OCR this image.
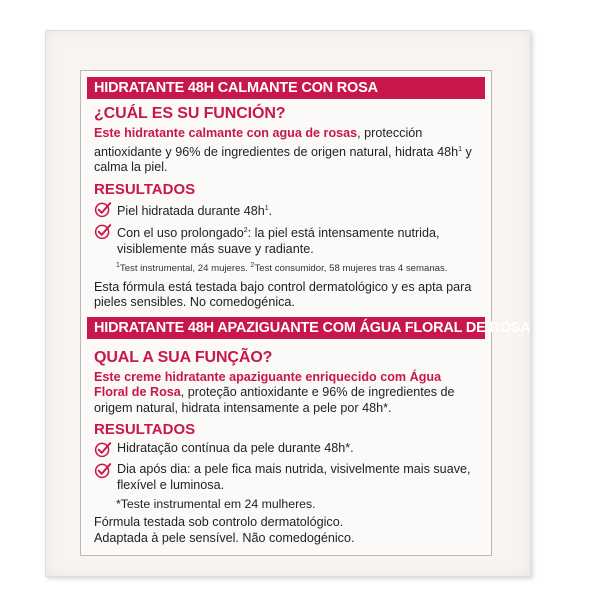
HIDRATANTE 48H CALMANTE CON ROSA
¿CUÁL ES SU FUNCIÓN?

Este hidratante calmante con agua de rosas, protección antioxidante y 96% de ingredientes de origen natural, hidrata $48h^1$ y calma la piel.

RESULTADOS
Piel hidratada durante $48h^1$.
Con el uso prolongado$^2$: la piel está intensamente nutrida, visiblemente más suave y radiante.
$^1$Test instrumental, 24 mujeres. $^2$Test consumidor, 58 mujeres tras 4 semanas.

Esta fórmula está testada bajo control dermatológico y es apta para pieles sensibles. No comedogénica.

HIDRATANTE 48H APAZIGUANTE COM ÁGUA FLORAL DE ROSA
QUAL A SUA FUNÇÃO?

Este creme hidratante apaziguante enriquecido com Água Floral de Rosa, proteção antioxidante e 96% de ingredientes de origem natural, hidrata intensamente a pele por 48h*.

RESULTADOS
Hidratação contínua da pele durante 48h*.
Dia após dia: a pele fica mais nutrida, visivelmente mais suave, flexível e luminosa.
*Teste instrumental em 24 mulheres.
Fórmula testada sob controlo dermatológico.
Adaptada à pele sensível. Não comedogénico.
